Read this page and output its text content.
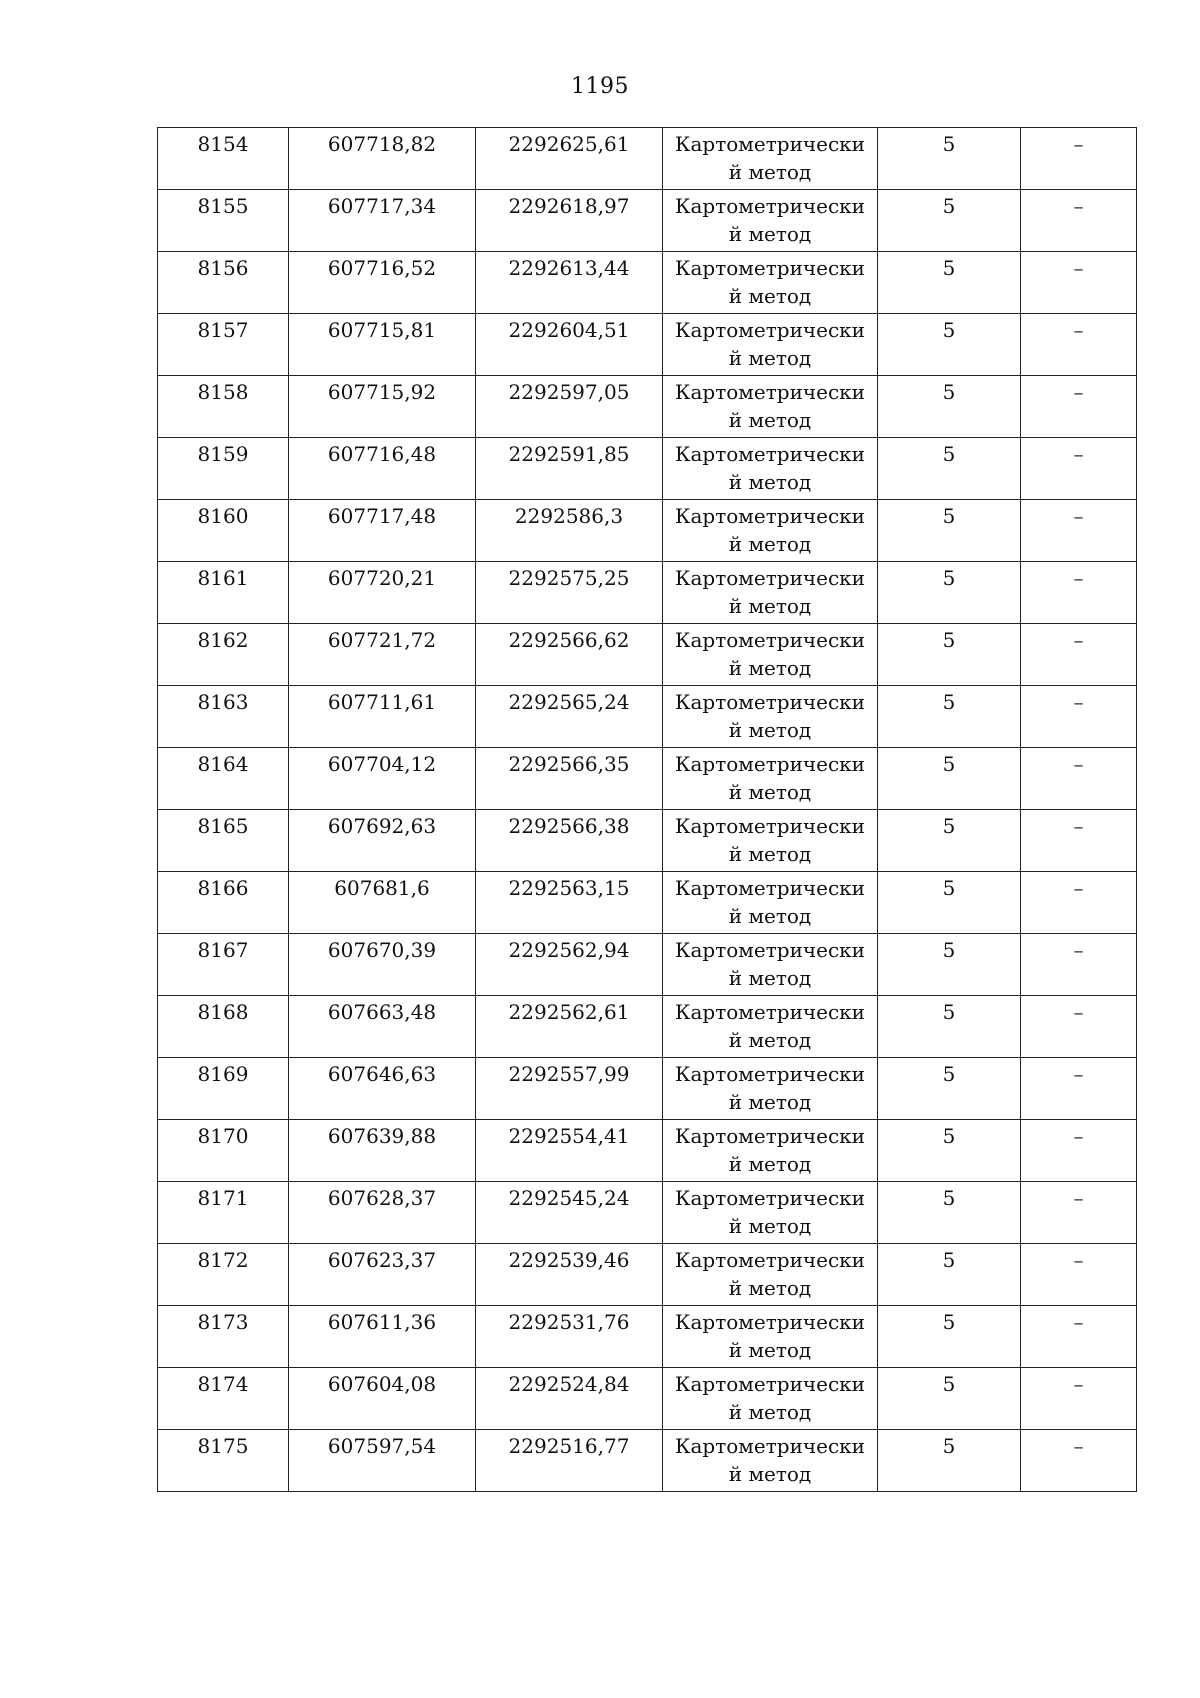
1195
8154	607718,82	2292625,61	Картометрически й метод	5	–
8155	607717,34	2292618,97	Картометрически й метод	5	–
8156	607716,52	2292613,44	Картометрически й метод	5	–
8157	607715,81	2292604,51	Картометрически й метод	5	–
8158	607715,92	2292597,05	Картометрически й метод	5	–
8159	607716,48	2292591,85	Картометрически й метод	5	–
8160	607717,48	2292586,3	Картометрически й метод	5	–
8161	607720,21	2292575,25	Картометрически й метод	5	–
8162	607721,72	2292566,62	Картометрически й метод	5	–
8163	607711,61	2292565,24	Картометрически й метод	5	–
8164	607704,12	2292566,35	Картометрически й метод	5	–
8165	607692,63	2292566,38	Картометрически й метод	5	–
8166	607681,6	2292563,15	Картометрически й метод	5	–
8167	607670,39	2292562,94	Картометрически й метод	5	–
8168	607663,48	2292562,61	Картометрически й метод	5	–
8169	607646,63	2292557,99	Картометрически й метод	5	–
8170	607639,88	2292554,41	Картометрически й метод	5	–
8171	607628,37	2292545,24	Картометрически й метод	5	–
8172	607623,37	2292539,46	Картометрически й метод	5	–
8173	607611,36	2292531,76	Картометрически й метод	5	–
8174	607604,08	2292524,84	Картометрически й метод	5	–
8175	607597,54	2292516,77	Картометрически й метод	5	–
